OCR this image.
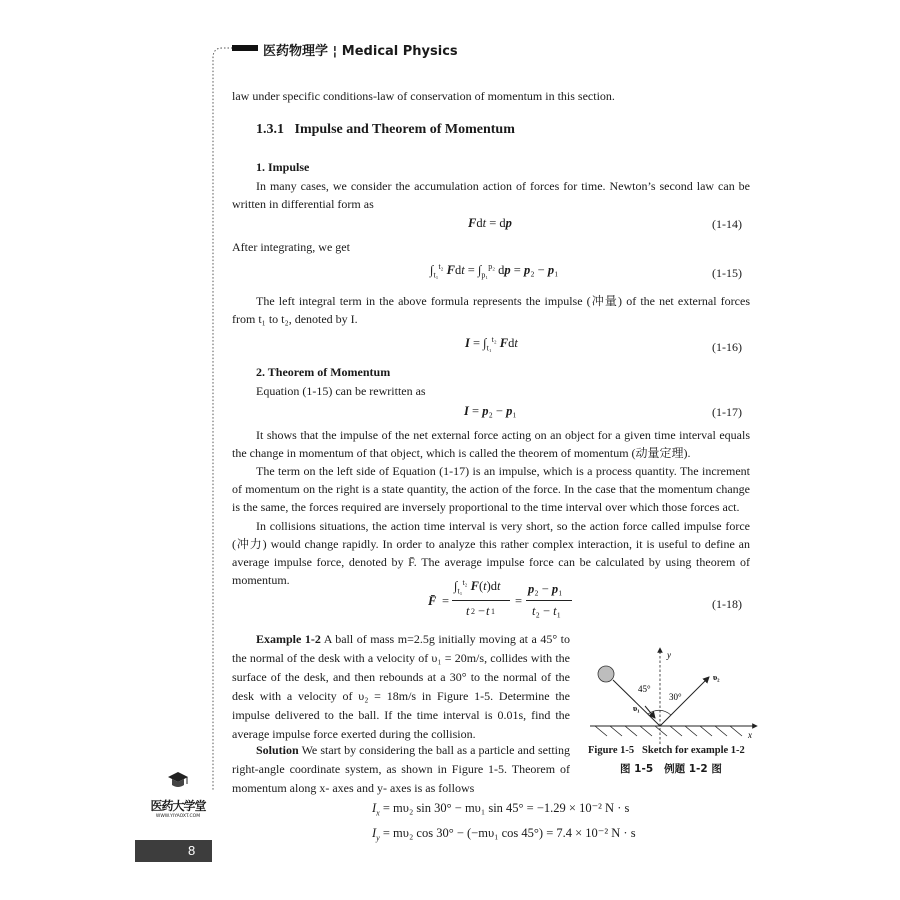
医药物理学 ¦ Medical Physics
law under specific conditions-law of conservation of momentum in this section.
1.3.1   Impulse and Theorem of Momentum
1. Impulse
In many cases, we consider the accumulation action of forces for time. Newton’s second law can be written in differential form as
Fdt = dp	(1-14)
After integrating, we get
$\int_{t_1}^{t_2}$ Fdt = $\int_{p_1}^{p_2}$ dp = p₂ − p₁	(1-15)
The left integral term in the above formula represents the impulse (冲量) of the net external forces from t₁ to t₂, denoted by I.
$I = \int_{t_1}^{t_2}$ Fdt	(1-16)
2. Theorem of Momentum
Equation (1-15) can be rewritten as
I = p₂ − p₁	(1-17)
It shows that the impulse of the net external force acting on an object for a given time interval equals the change in momentum of that object, which is called the theorem of momentum (动量定理).
The term on the left side of Equation (1-17) is an impulse, which is a process quantity. The increment of momentum on the right is a state quantity, the action of the force. In the case that the momentum change is the same, the forces required are inversely proportional to the time interval over which those forces act.
In collisions situations, the action time interval is very short, so the action force called impulse force (冲力) would change rapidly. In order to analyze this rather complex interaction, it is useful to define an average impulse force, denoted by F̄. The average impulse force can be calculated by using theorem of momentum.
F̄ =
$\int_{t_1}^{t_2}$ F(t)dt
t 2 − t 1
=
p₂ − p₁
t₂ − t₁	(1-18)
Example 1-2 A ball of mass m=2.5g initially moving at a 45° to the normal of the desk with a velocity of υ₁ = 20m/s, collides with the surface of the desk, and then rebounds at a 30° to the normal of the desk with a velocity of υ₂ = 18m/s in Figure 1-5. Determine the impulse delivered to the ball. If the time interval is 0.01s, find the average impulse force exerted during the collision.
Solution We start by considering the ball as a particle and setting right-angle coordinate system, as shown in Figure 1-5. Theorem of momentum along x- axes and y- axes is as follows
45°
30°
y
x
υ₁
υ₂
Figure 1-5   Sketch for example 1-2
图 1-5   例题 1-2 图
$I_x = m\upsilon_2$ sin 30° − mυ₁ sin 45° = −1.29 × 10⁻² N · s
$I_y = m\upsilon_2$ cos 30° − (−mυ₁ cos 45°) = 7.4 × 10⁻² N · s
医药大学堂
WWW.YIYAOXT.COM
8
